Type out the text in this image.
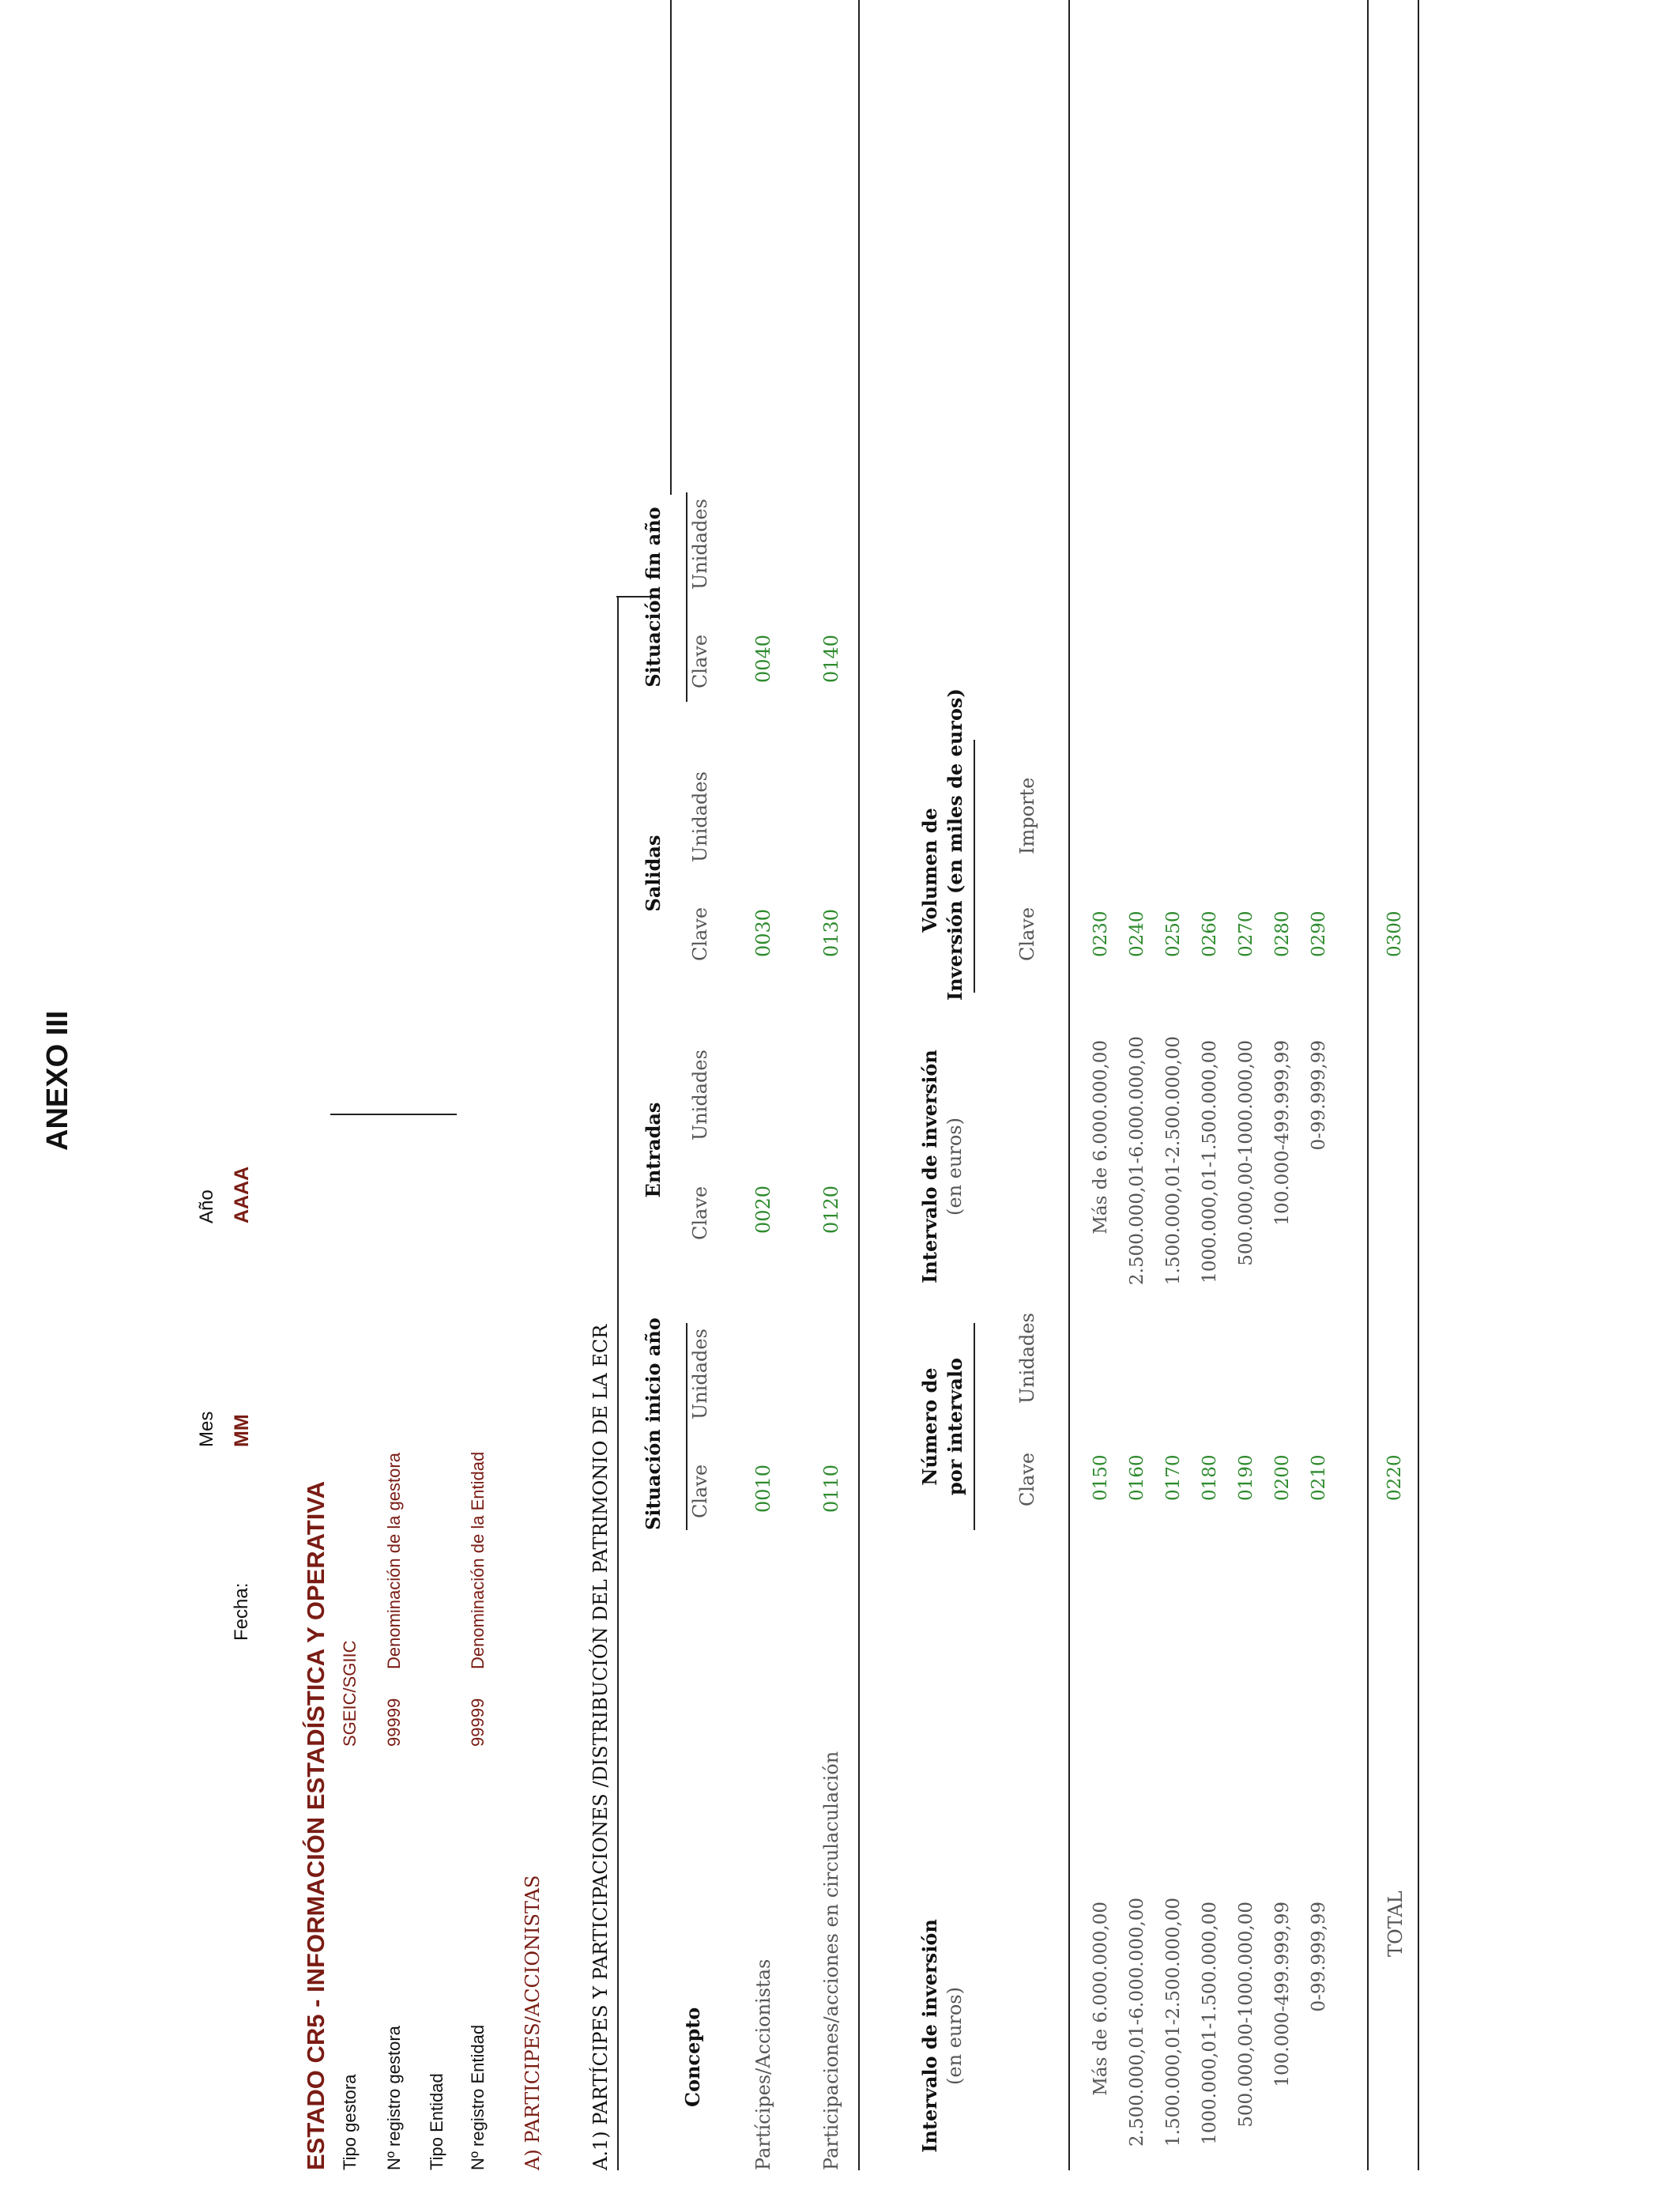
ANEXO III
Mes
Año
Fecha:
MM
AAAA
ESTADO CR5 - INFORMACIÓN ESTADÍSTICA Y OPERATIVA Tipo gestora
SGEIC/SGIIC
Nº registro gestora
99999
Denominación de la gestora
Tipo Entidad Nº registro Entidad
99999
Denominación de la Entidad
A) PARTICIPES/ACCIONISTAS A.1) PARTÍCIPES Y PARTICIPACIONES /DISTRIBUCIÓN DEL PATRIMONIO DE LA ECR	Concepto
Situación inicio año
Entradas
Salidas
Situación fin año
Clave
Unidades
Clave
Unidades
Clave
Unidades
Clave
Unidades
Partícipes/Accionistas
0010
0020
0030
0040
Participaciones/acciones en circulaculación
0110
0120
0130
0140
Intervalo de inversión (en euros)
Número de por intervalo
Intervalo de inversión (en euros)
Volumen de Inversión (en miles de euros)
Clave
Unidades
Clave
Importe
Más de 6.000.000,00 2.500.000,01-6.000.000,00 1.500.000,01-2.500.000,00 1000.000,01-1.500.000,00 500.000,00-1000.000,00 100.000-499.999,99 0-99.999,99
0150 0160 0170 0180 0190 0200 0210
Más de 6.000.000,00 2.500.000,01-6.000.000,00 1.500.000,01-2.500.000,00 1000.000,01-1.500.000,00 500.000,00-1000.000,00 100.000-499.999,99 0-99.999,99
0230 0240 0250 0260 0270 0280 0290
TOTAL
0220
0300
